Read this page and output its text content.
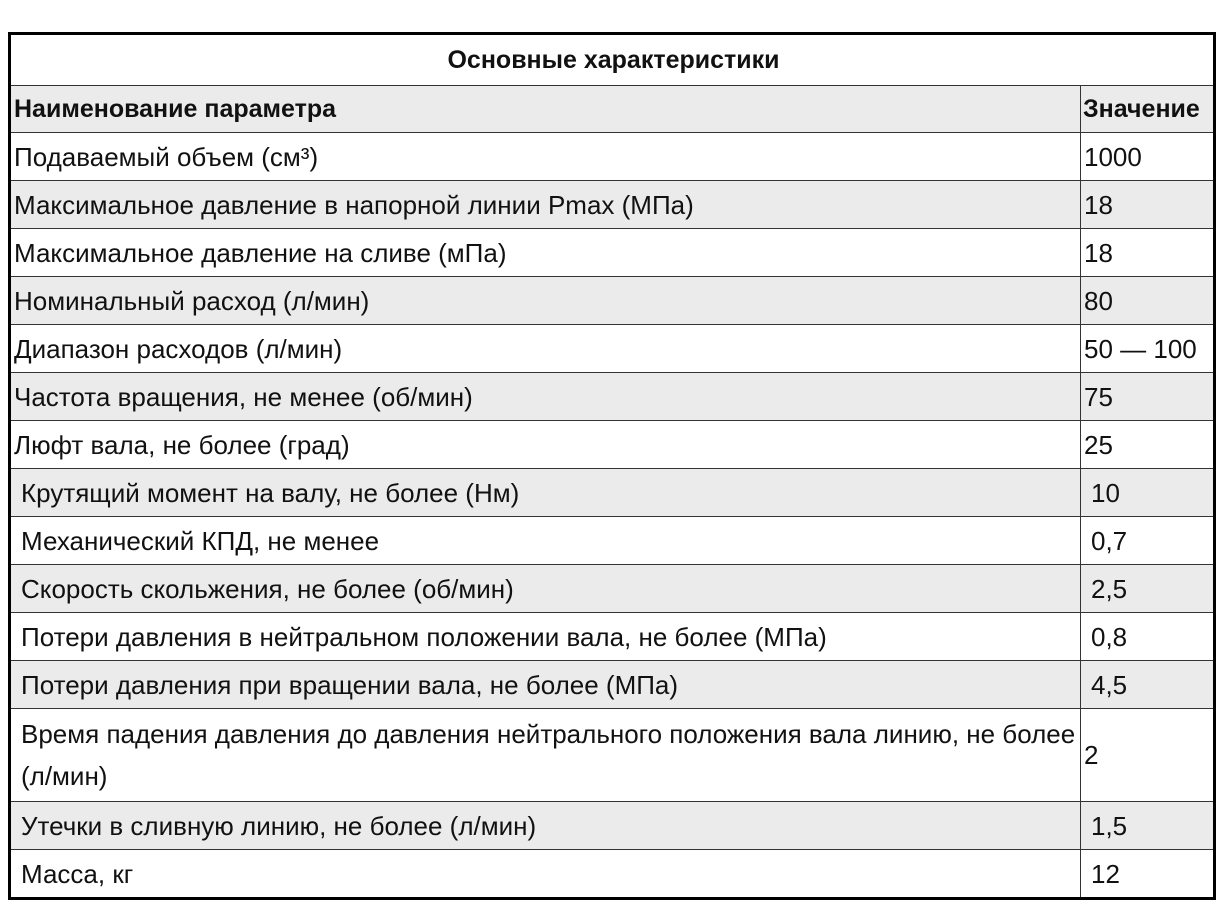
Основные характеристики	
Наименование параметра	Значение
Подаваемый объем (см³)	1000
Максимальное давление в напорной линии Pmax (МПа)	18
Максимальное давление на сливе (мПа)	18
Номинальный расход (л/мин)	80
Диапазон расходов (л/мин)	50 — 100
Частота вращения, не менее (об/мин)	75
Люфт вала, не более (град)	25
Крутящий момент на валу, не более (Нм)	10
Механический КПД, не менее	0,7
Скорость скольжения, не более (об/мин)	2,5
Потери давления в нейтральном положении вала, не более (МПа)	0,8
Потери давления при вращении вала, не более (МПа)	4,5
Время падения давления до давления нейтрального положения вала линию, не более (л/мин)	2
Утечки в сливную линию, не более (л/мин)	1,5
Масса, кг	12
